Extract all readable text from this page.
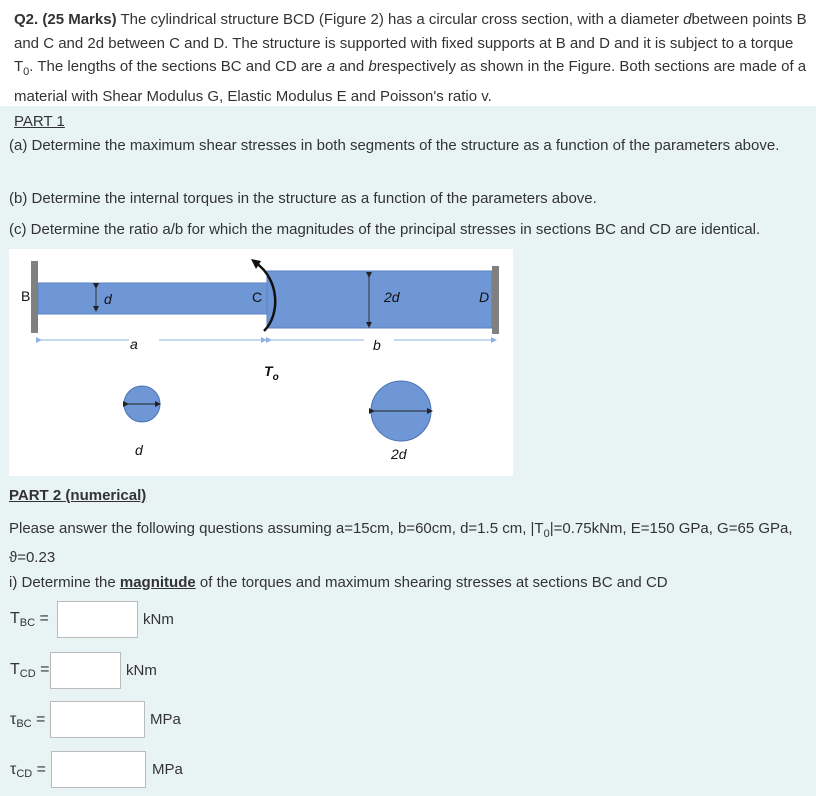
Q2. (25 Marks) The cylindrical structure BCD (Figure 2) has a circular cross section, with a diameter dbetween points B and C and 2d between C and D. The structure is supported with fixed supports at B and D and it is subject to a torque $T_0$. The lengths of the sections BC and CD are a and brespectively as shown in the Figure. Both sections are made of a material with Shear Modulus G, Elastic Modulus E and Poisson's ratio v.

PART 1
(a) Determine the maximum shear stresses in both segments of the structure as a function of the parameters above.
(b) Determine the internal torques in the structure as a function of the parameters above.
(c) Determine the ratio a/b for which the magnitudes of the principal stresses in sections BC and CD are identical.
B	d	C	2d	D
a	b
$T_o$
d	2d
PART 2 (numerical)
Please answer the following questions assuming a=15cm, b=60cm, d=1.5 cm, $|T_0|=0.75kNm$, E=150 GPa, G=65 GPa, ϑ=0.23
i) Determine the magnitude of the torques and maximum shearing stresses at sections BC and CD
$T_{BC}$ =	kNm
$T_{CD}$ =	kNm
$\tau_{BC}$ =	MPa
$\tau_{CD}$ =	MPa
